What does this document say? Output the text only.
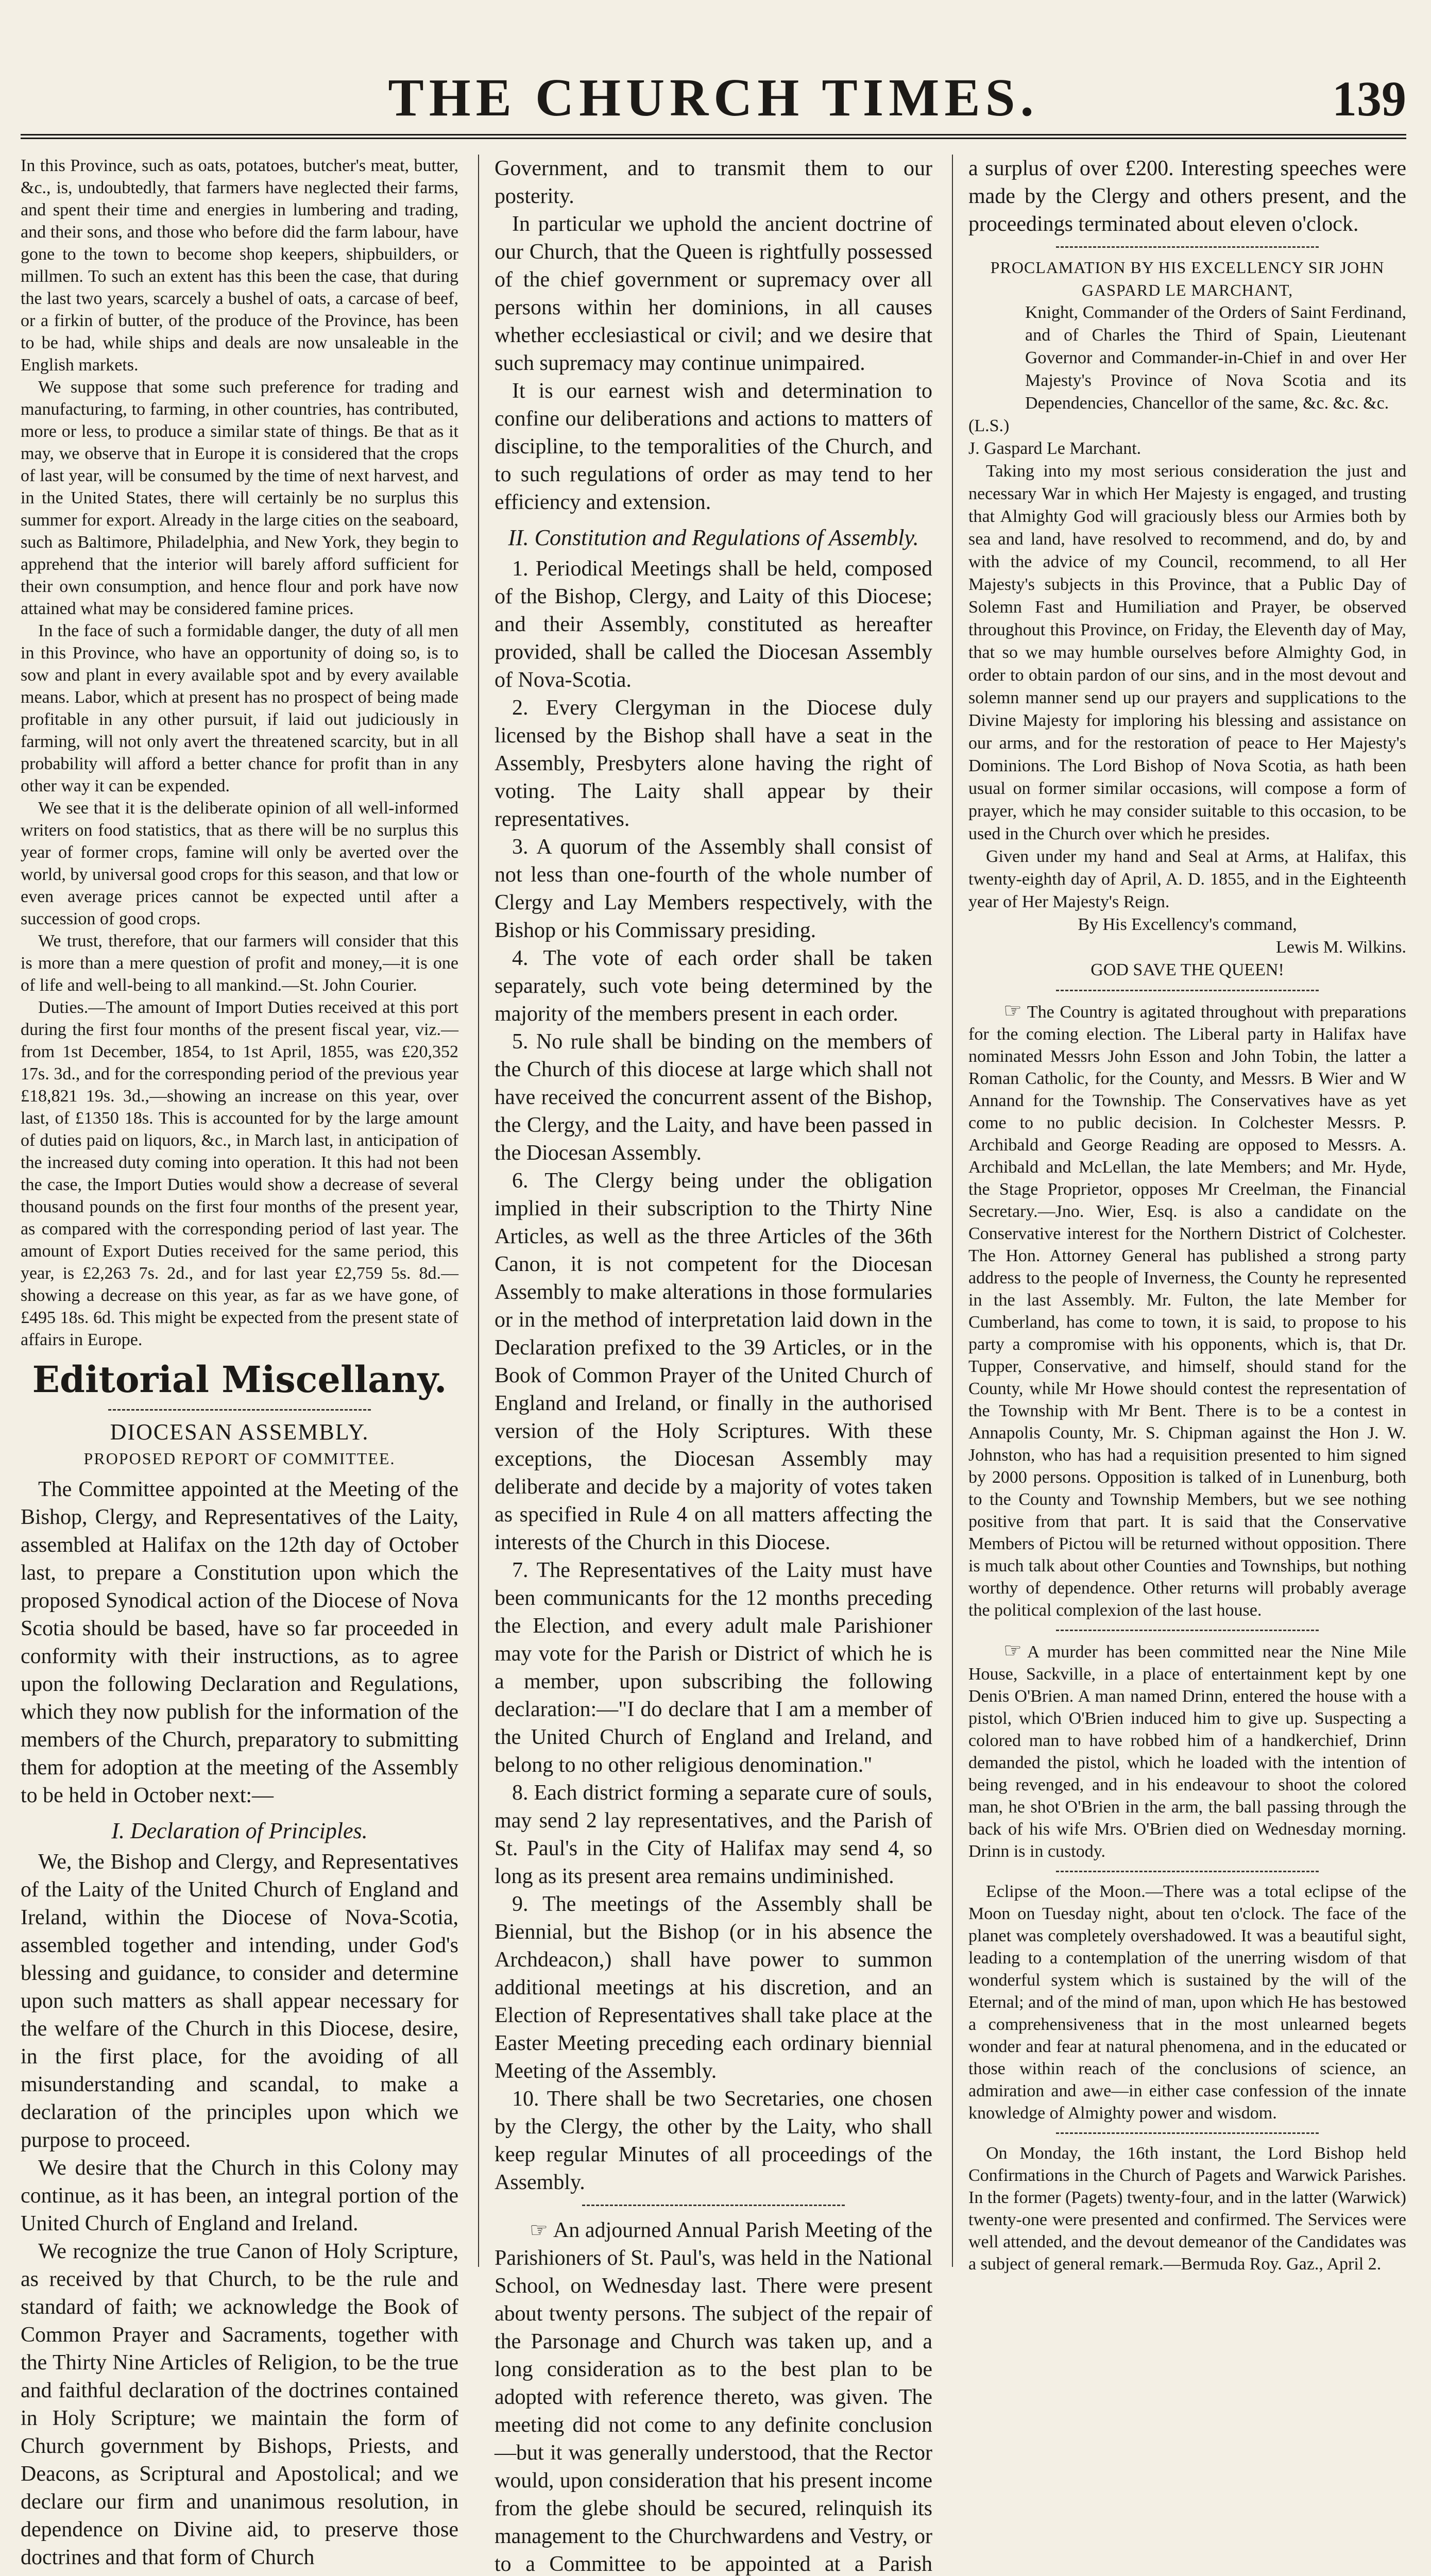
THE CHURCH TIMES.	139

In this Province, such as oats, potatoes, butcher's meat, butter, &c., is, undoubtedly, that farmers have neglected their farms, and spent their time and energies in lumbering and trading, and their sons, and those who before did the farm labour, have gone to the town to become shop keepers, shipbuilders, or millmen. To such an extent has this been the case, that during the last two years, scarcely a bushel of oats, a carcase of beef, or a firkin of butter, of the produce of the Province, has been to be had, while ships and deals are now unsaleable in the English markets.

We suppose that some such preference for trading and manufacturing, to farming, in other countries, has contributed, more or less, to produce a similar state of things. Be that as it may, we observe that in Europe it is considered that the crops of last year, will be consumed by the time of next harvest, and in the United States, there will certainly be no surplus this summer for export. Already in the large cities on the seaboard, such as Baltimore, Philadelphia, and New York, they begin to apprehend that the interior will barely afford sufficient for their own consumption, and hence flour and pork have now attained what may be considered famine prices.

In the face of such a formidable danger, the duty of all men in this Province, who have an opportunity of doing so, is to sow and plant in every available spot and by every available means. Labor, which at present has no prospect of being made profitable in any other pursuit, if laid out judiciously in farming, will not only avert the threatened scarcity, but in all probability will afford a better chance for profit than in any other way it can be expended.

We see that it is the deliberate opinion of all well-informed writers on food statistics, that as there will be no surplus this year of former crops, famine will only be averted over the world, by universal good crops for this season, and that low or even average prices cannot be expected until after a succession of good crops.

We trust, therefore, that our farmers will consider that this is more than a mere question of profit and money,—it is one of life and well-being to all mankind.—St. John Courier.

Duties.—The amount of Import Duties received at this port during the first four months of the present fiscal year, viz.—from 1st December, 1854, to 1st April, 1855, was £20,352 17s. 3d., and for the corresponding period of the previous year £18,821 19s. 3d.,—showing an increase on this year, over last, of £1350 18s. This is accounted for by the large amount of duties paid on liquors, &c., in March last, in anticipation of the increased duty coming into operation. It this had not been the case, the Import Duties would show a decrease of several thousand pounds on the first four months of the present year, as compared with the corresponding period of last year. The amount of Export Duties received for the same period, this year, is £2,263 7s. 2d., and for last year £2,759 5s. 8d.—showing a decrease on this year, as far as we have gone, of £495 18s. 6d. This might be expected from the present state of affairs in Europe.

Editorial Miscellany.
DIOCESAN ASSEMBLY.
PROPOSED REPORT OF COMMITTEE.

The Committee appointed at the Meeting of the Bishop, Clergy, and Representatives of the Laity, assembled at Halifax on the 12th day of October last, to prepare a Constitution upon which the proposed Synodical action of the Diocese of Nova Scotia should be based, have so far proceeded in conformity with their instructions, as to agree upon the following Declaration and Regulations, which they now publish for the information of the members of the Church, preparatory to submitting them for adoption at the meeting of the Assembly to be held in October next:—

I. Declaration of Principles.

We, the Bishop and Clergy, and Representatives of the Laity of the United Church of England and Ireland, within the Diocese of Nova-Scotia, assembled together and intending, under God's blessing and guidance, to consider and determine upon such matters as shall appear necessary for the welfare of the Church in this Diocese, desire, in the first place, for the avoiding of all misunderstanding and scandal, to make a declaration of the principles upon which we purpose to proceed.

We desire that the Church in this Colony may continue, as it has been, an integral portion of the United Church of England and Ireland.

We recognize the true Canon of Holy Scripture, as received by that Church, to be the rule and standard of faith; we acknowledge the Book of Common Prayer and Sacraments, together with the Thirty Nine Articles of Religion, to be the true and faithful declaration of the doctrines contained in Holy Scripture; we maintain the form of Church government by Bishops, Priests, and Deacons, as Scriptural and Apostolical; and we declare our firm and unanimous resolution, in dependence on Divine aid, to preserve those doctrines and that form of Church

Government, and to transmit them to our posterity.

In particular we uphold the ancient doctrine of our Church, that the Queen is rightfully possessed of the chief government or supremacy over all persons within her dominions, in all causes whether ecclesiastical or civil; and we desire that such supremacy may continue unimpaired.

It is our earnest wish and determination to confine our deliberations and actions to matters of discipline, to the temporalities of the Church, and to such regulations of order as may tend to her efficiency and extension.

II. Constitution and Regulations of Assembly.

1. Periodical Meetings shall be held, composed of the Bishop, Clergy, and Laity of this Diocese; and their Assembly, constituted as hereafter provided, shall be called the Diocesan Assembly of Nova-Scotia.

2. Every Clergyman in the Diocese duly licensed by the Bishop shall have a seat in the Assembly, Presbyters alone having the right of voting. The Laity shall appear by their representatives.

3. A quorum of the Assembly shall consist of not less than one-fourth of the whole number of Clergy and Lay Members respectively, with the Bishop or his Commissary presiding.

4. The vote of each order shall be taken separately, such vote being determined by the majority of the members present in each order.

5. No rule shall be binding on the members of the Church of this diocese at large which shall not have received the concurrent assent of the Bishop, the Clergy, and the Laity, and have been passed in the Diocesan Assembly.

6. The Clergy being under the obligation implied in their subscription to the Thirty Nine Articles, as well as the three Articles of the 36th Canon, it is not competent for the Diocesan Assembly to make alterations in those formularies or in the method of interpretation laid down in the Declaration prefixed to the 39 Articles, or in the Book of Common Prayer of the United Church of England and Ireland, or finally in the authorised version of the Holy Scriptures. With these exceptions, the Diocesan Assembly may deliberate and decide by a majority of votes taken as specified in Rule 4 on all matters affecting the interests of the Church in this Diocese.

7. The Representatives of the Laity must have been communicants for the 12 months preceding the Election, and every adult male Parishioner may vote for the Parish or District of which he is a member, upon subscribing the following declaration:—"I do declare that I am a member of the United Church of England and Ireland, and belong to no other religious denomination."

8. Each district forming a separate cure of souls, may send 2 lay representatives, and the Parish of St. Paul's in the City of Halifax may send 4, so long as its present area remains undiminished.

9. The meetings of the Assembly shall be Biennial, but the Bishop (or in his absence the Archdeacon,) shall have power to summon additional meetings at his discretion, and an Election of Representatives shall take place at the Easter Meeting preceding each ordinary biennial Meeting of the Assembly.

10. There shall be two Secretaries, one chosen by the Clergy, the other by the Laity, who shall keep regular Minutes of all proceedings of the Assembly.

☞ An adjourned Annual Parish Meeting of the Parishioners of St. Paul's, was held in the National School, on Wednesday last. There were present about twenty persons. The subject of the repair of the Parsonage and Church was taken up, and a long consideration as to the best plan to be adopted with reference thereto, was given. The meeting did not come to any definite conclusion—but it was generally understood, that the Rector would, upon consideration that his present income from the glebe should be secured, relinquish its management to the Churchwardens and Vestry, or to a Committee to be appointed at a Parish

a surplus of over £200. Interesting speeches were made by the Clergy and others present, and the proceedings terminated about eleven o'clock.

PROCLAMATION BY HIS EXCELLENCY SIR JOHN GASPARD LE MARCHANT,

Knight, Commander of the Orders of Saint Ferdinand, and of Charles the Third of Spain, Lieutenant Governor and Commander-in-Chief in and over Her Majesty's Province of Nova Scotia and its Dependencies, Chancellor of the same, &c. &c. &c.

(L.S.)

J. Gaspard Le Marchant.

Taking into my most serious consideration the just and necessary War in which Her Majesty is engaged, and trusting that Almighty God will graciously bless our Armies both by sea and land, have resolved to recommend, and do, by and with the advice of my Council, recommend, to all Her Majesty's subjects in this Province, that a Public Day of Solemn Fast and Humiliation and Prayer, be observed throughout this Province, on Friday, the Eleventh day of May, that so we may humble ourselves before Almighty God, in order to obtain pardon of our sins, and in the most devout and solemn manner send up our prayers and supplications to the Divine Majesty for imploring his blessing and assistance on our arms, and for the restoration of peace to Her Majesty's Dominions. The Lord Bishop of Nova Scotia, as hath been usual on former similar occasions, will compose a form of prayer, which he may consider suitable to this occasion, to be used in the Church over which he presides.

Given under my hand and Seal at Arms, at Halifax, this twenty-eighth day of April, A. D. 1855, and in the Eighteenth year of Her Majesty's Reign.

By His Excellency's command,

Lewis M. Wilkins.

GOD SAVE THE QUEEN!

☞ The Country is agitated throughout with preparations for the coming election. The Liberal party in Halifax have nominated Messrs John Esson and John Tobin, the latter a Roman Catholic, for the County, and Messrs. B Wier and W Annand for the Township. The Conservatives have as yet come to no public decision. In Colchester Messrs. P. Archibald and George Reading are opposed to Messrs. A. Archibald and McLellan, the late Members; and Mr. Hyde, the Stage Proprietor, opposes Mr Creelman, the Financial Secretary.—Jno. Wier, Esq. is also a candidate on the Conservative interest for the Northern District of Colchester. The Hon. Attorney General has published a strong party address to the people of Inverness, the County he represented in the last Assembly. Mr. Fulton, the late Member for Cumberland, has come to town, it is said, to propose to his party a compromise with his opponents, which is, that Dr. Tupper, Conservative, and himself, should stand for the County, while Mr Howe should contest the representation of the Township with Mr Bent. There is to be a contest in Annapolis County, Mr. S. Chipman against the Hon J. W. Johnston, who has had a requisition presented to him signed by 2000 persons. Opposition is talked of in Lunenburg, both to the County and Township Members, but we see nothing positive from that part. It is said that the Conservative Members of Pictou will be returned without opposition. There is much talk about other Counties and Townships, but nothing worthy of dependence. Other returns will probably average the political complexion of the last house.

☞ A murder has been committed near the Nine Mile House, Sackville, in a place of entertainment kept by one Denis O'Brien. A man named Drinn, entered the house with a pistol, which O'Brien induced him to give up. Suspecting a colored man to have robbed him of a handkerchief, Drinn demanded the pistol, which he loaded with the intention of being revenged, and in his endeavour to shoot the colored man, he shot O'Brien in the arm, the ball passing through the back of his wife Mrs. O'Brien died on Wednesday morning. Drinn is in custody.

Eclipse of the Moon.—There was a total eclipse of the Moon on Tuesday night, about ten o'clock. The face of the planet was completely overshadowed. It was a beautiful sight, leading to a contemplation of the unerring wisdom of that wonderful system which is sustained by the will of the Eternal; and of the mind of man, upon which He has bestowed a comprehensiveness that in the most unlearned begets wonder and fear at natural phenomena, and in the educated or those within reach of the conclusions of science, an admiration and awe—in either case confession of the innate knowledge of Almighty power and wisdom.

On Monday, the 16th instant, the Lord Bishop held Confirmations in the Church of Pagets and Warwick Parishes. In the former (Pagets) twenty-four, and in the latter (Warwick) twenty-one were presented and confirmed. The Services were well attended, and the devout demeanor of the Candidates was a subject of general remark.—Bermuda Roy. Gaz., April 2.
